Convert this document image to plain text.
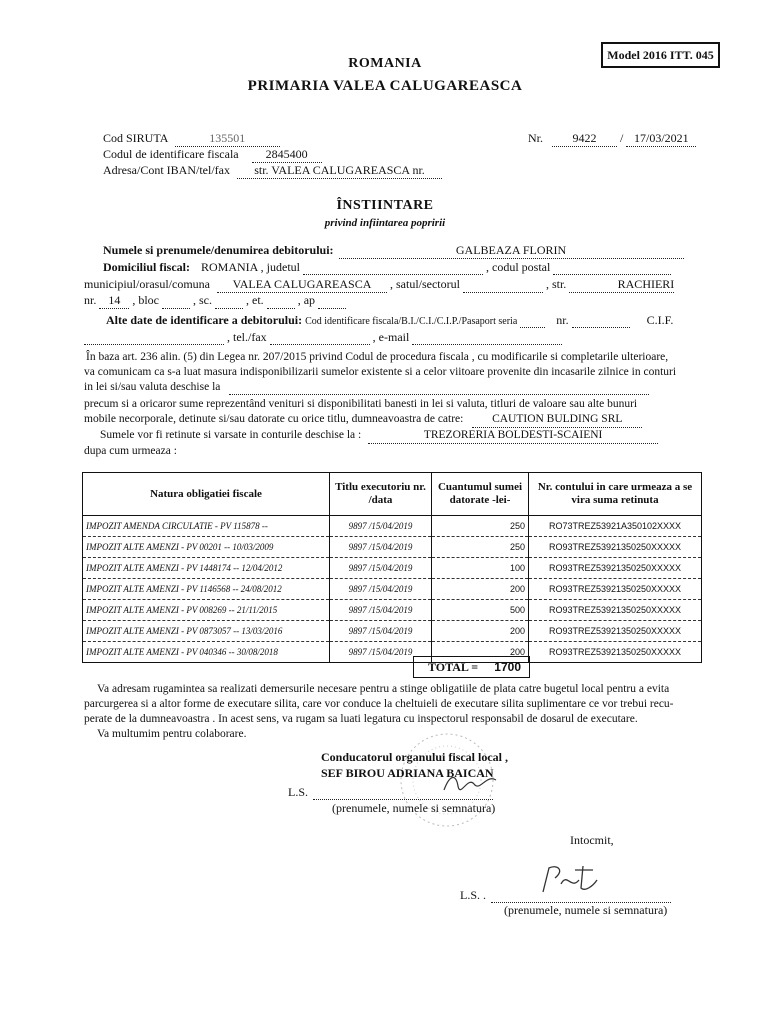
Model 2016 ITT. 045
ROMANIA
PRIMARIA VALEA CALUGAREASCA
Cod SIRUTA	135501	Nr. 9422 / 17/03/2021
Codul de identificare fiscala 2845400
Adresa/Cont IBAN/tel/fax str. VALEA CALUGAREASCA nr.
ÎNSTIINTARE
privind infiintarea popririi
Numele si prenumele/denumirea debitorului:	GALBEAZA FLORIN
Domiciliul fiscal: ROMANIA , judetul	, codul postal
municipiul/orasul/comuna VALEA CALUGAREASCA , satul/sectorul	, str.	RACHIERI
nr. 14 , bloc	, sc.	, et.	, ap
Alte date de identificare a debitorului: Cod identificare fiscala/B.I./C.I./C.I.P./Pasaport seria	nr.	C.I.F.
, tel./fax	, e-mail
În baza art. 236 alin. (5) din Legea nr. 207/2015 privind Codul de procedura fiscala , cu modificarile si completarile ulterioare,
va comunicam ca s-a luat masura indisponibilizarii sumelor existente si a celor viitoare provenite din incasarile zilnice in conturi
in lei si/sau valuta deschise la
precum si a oricaror sume reprezentând venituri si disponibilitati banesti in lei si valuta, titluri de valoare sau alte bunuri
mobile necorporale, detinute si/sau datorate cu orice titlu, dumneavoastra de catre: CAUTION BULDING SRL
Sumele vor fi retinute si varsate in conturile deschise la :	TREZORERIA BOLDESTI-SCAIENI
dupa cum urmeaza :
Natura obligatiei fiscale	Titlu executoriu nr. /data	Cuantumul sumei datorate -lei-	Nr. contului in care urmeaza a se vira suma retinuta
IMPOZIT AMENDA CIRCULATIE - PV 115878 --	9897 /15/04/2019	250	RO73TREZ53921A350102XXXX
IMPOZIT ALTE AMENZI - PV 00201 -- 10/03/2009	9897 /15/04/2019	250	RO93TREZ53921350250XXXXX
IMPOZIT ALTE AMENZI - PV 1448174 -- 12/04/2012	9897 /15/04/2019	100	RO93TREZ53921350250XXXXX
IMPOZIT ALTE AMENZI - PV 1146568 -- 24/08/2012	9897 /15/04/2019	200	RO93TREZ53921350250XXXXX
IMPOZIT ALTE AMENZI - PV 008269 -- 21/11/2015	9897 /15/04/2019	500	RO93TREZ53921350250XXXXX
IMPOZIT ALTE AMENZI - PV 0873057 -- 13/03/2016	9897 /15/04/2019	200	RO93TREZ53921350250XXXXX
IMPOZIT ALTE AMENZI - PV 040346 -- 30/08/2018	9897 /15/04/2019	200	RO93TREZ53921350250XXXXX
TOTAL = 1700
Va adresam rugamintea sa realizati demersurile necesare pentru a stinge obligatiile de plata catre bugetul local pentru a evita
parcurgerea si a altor forme de executare silita, care vor conduce la cheltuieli de executare silita suplimentare ce vor trebui recu-
perate de la dumneavoastra . In acest sens, va rugam sa luati legatura cu inspectorul responsabil de dosarul de executare.
Va multumim pentru colaborare.
Conducatorul organului fiscal local ,
SEF BIROU ADRIANA BAICAN
L.S.
(prenumele, numele si semnatura)
Intocmit,
L.S. .
(prenumele, numele si semnatura)
